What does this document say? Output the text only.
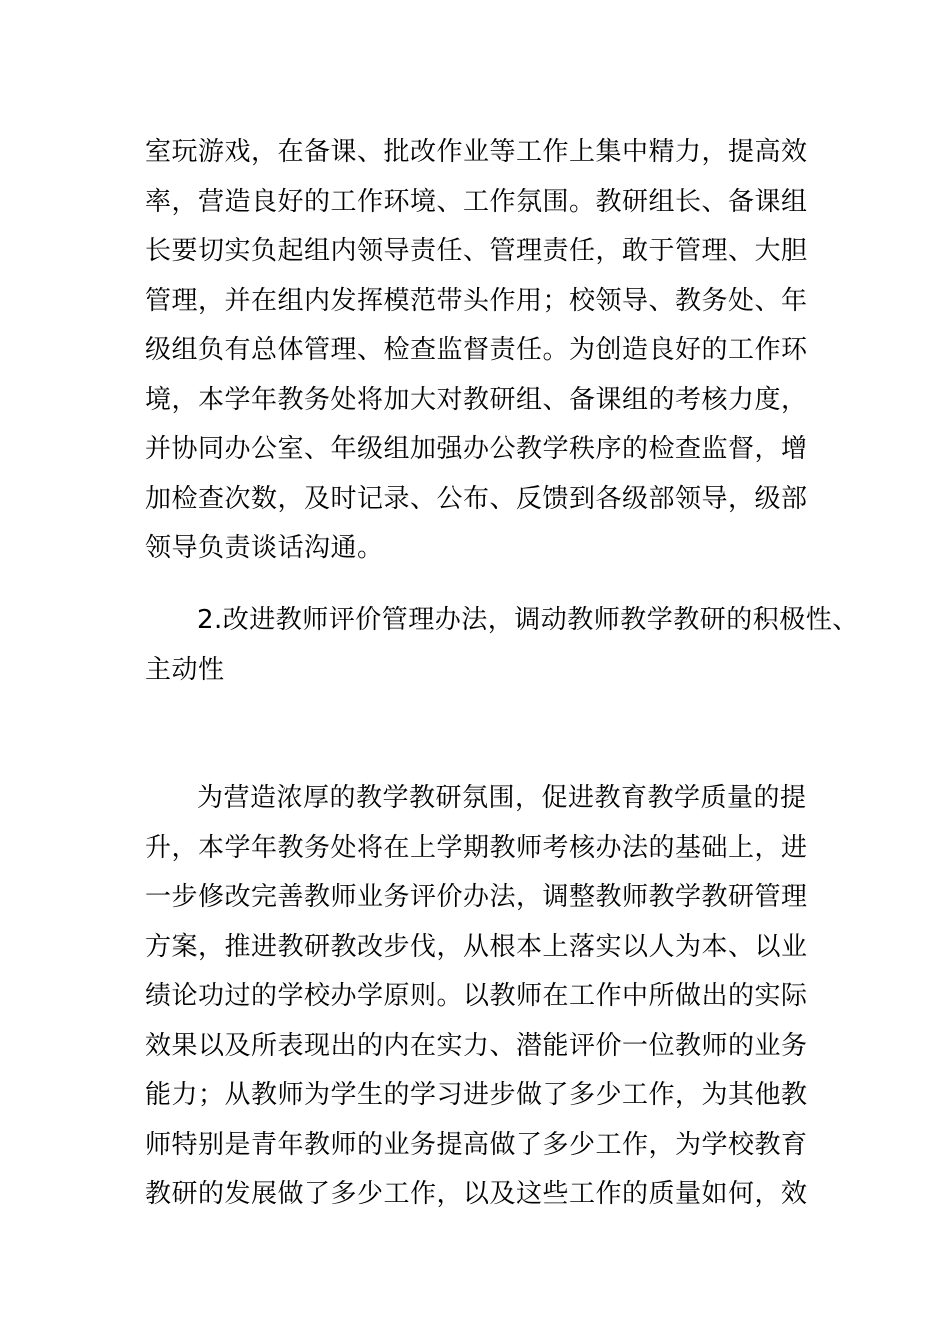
室玩游戏，在备课、批改作业等工作上集中精力，提高效
率，营造良好的工作环境、工作氛围。教研组长、备课组
长要切实负起组内领导责任、管理责任，敢于管理、大胆
管理，并在组内发挥模范带头作用；校领导、教务处、年
级组负有总体管理、检查监督责任。为创造良好的工作环
境，本学年教务处将加大对教研组、备课组的考核力度，
并协同办公室、年级组加强办公教学秩序的检查监督，增
加检查次数，及时记录、公布、反馈到各级部领导，级部
领导负责谈话沟通。
2.改进教师评价管理办法，调动教师教学教研的积极性、
主动性
为营造浓厚的教学教研氛围，促进教育教学质量的提
升，本学年教务处将在上学期教师考核办法的基础上，进
一步修改完善教师业务评价办法，调整教师教学教研管理
方案，推进教研教改步伐，从根本上落实以人为本、以业
绩论功过的学校办学原则。以教师在工作中所做出的实际
效果以及所表现出的内在实力、潜能评价一位教师的业务
能力；从教师为学生的学习进步做了多少工作，为其他教
师特别是青年教师的业务提高做了多少工作，为学校教育
教研的发展做了多少工作，以及这些工作的质量如何，效
